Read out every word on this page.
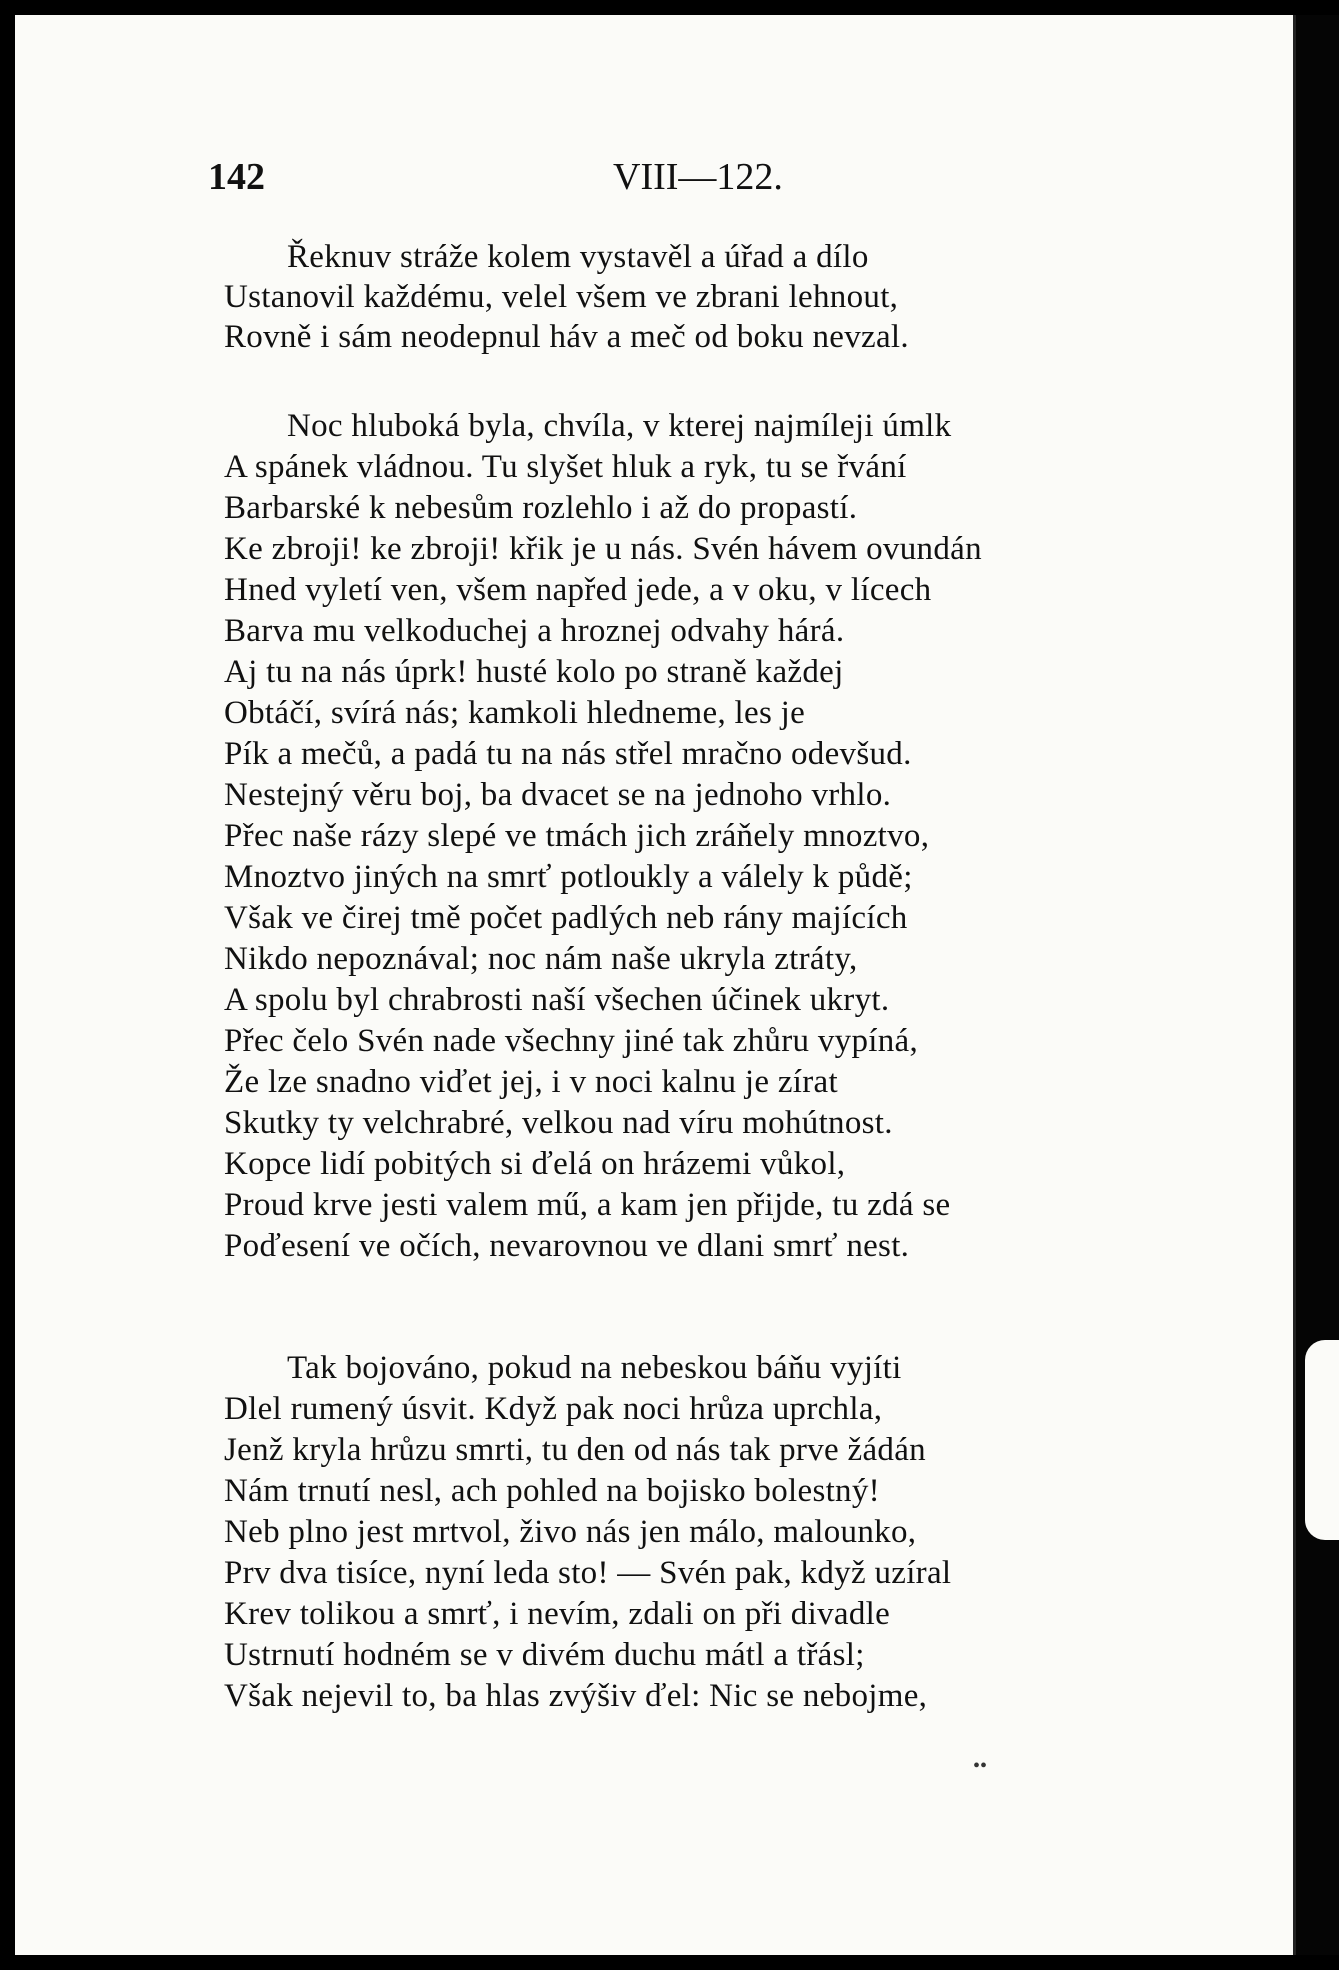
142	VIII—122.
Řeknuv stráže kolem vystavěl a úřad a dílo
Ustanovil každému, velel všem ve zbrani lehnout,
Rovně i sám neodepnul háv a meč od boku nevzal.
Noc hluboká byla, chvíla, v kterej najmíleji úmlk
A spánek vládnou. Tu slyšet hluk a ryk, tu se řvání
Barbarské k nebesům rozlehlo i až do propastí.
Ke zbroji! ke zbroji! křik je u nás. Svén hávem ovundán
Hned vyletí ven, všem napřed jede, a v oku, v lícech
Barva mu velkoduchej a hroznej odvahy hárá.
Aj tu na nás úprk! husté kolo po straně každej
Obtáčí, svírá nás; kamkoli hledneme, les je
Pík a mečů, a padá tu na nás střel mračno odevšud.
Nestejný věru boj, ba dvacet se na jednoho vrhlo.
Přec naše rázy slepé ve tmách jich zráňely mnoztvo,
Mnoztvo jiných na smrť potloukly a válely k půdě;
Však ve čirej tmě počet padlých neb rány majících
Nikdo nepoznával; noc nám naše ukryla ztráty,
A spolu byl chrabrosti naší všechen účinek ukryt.
Přec čelo Svén nade všechny jiné tak zhůru vypíná,
Že lze snadno viďet jej, i v noci kalnu je zírat
Skutky ty velchrabré, velkou nad víru mohútnost.
Kopce lidí pobitých si ďelá on hrázemi vůkol,
Proud krve jesti valem mű, a kam jen přijde, tu zdá se
Poďesení ve očích, nevarovnou ve dlani smrť nest.
Tak bojováno, pokud na nebeskou báňu vyjíti
Dlel rumený úsvit. Když pak noci hrůza uprchla,
Jenž kryla hrůzu smrti, tu den od nás tak prve žádán
Nám trnutí nesl, ach pohled na bojisko bolestný!
Neb plno jest mrtvol, živo nás jen málo, malounko,
Prv dva tisíce, nyní leda sto! — Svén pak, když uzíral
Krev tolikou a smrť, i nevím, zdali on při divadle
Ustrnutí hodném se v divém duchu mátl a třásl;
Však nejevil to, ba hlas zvýšiv ďel: Nic se nebojme,
••
